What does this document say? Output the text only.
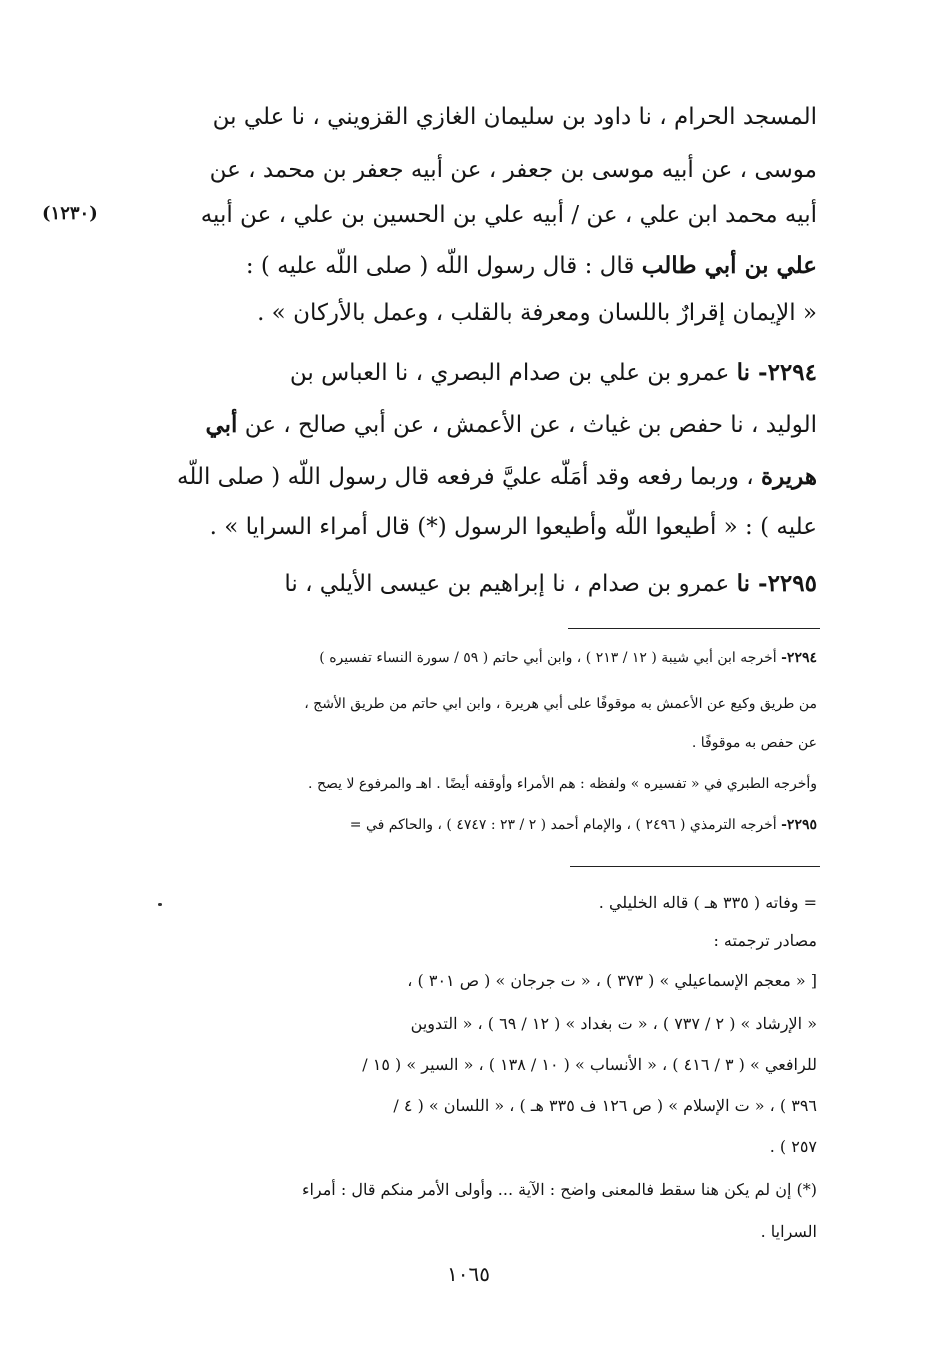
(١٢٣٠)
المسجد الحرام ، نا داود بن سليمان الغازي القزويني ، نا علي بن
موسى ، عن أبيه موسى بن جعفر ، عن أبيه جعفر بن محمد ، عن
أبيه محمد ابن علي ، عن / أبيه علي بن الحسين بن علي ، عن أبيه
علي بن أبي طالب قال : قال رسول اللّه ( صلى اللّه عليه ) :
« الإيمان إقرارٌ باللسان ومعرفة بالقلب ، وعمل بالأركان » .
٢٢٩٤- نا عمرو بن علي بن صدام البصري ، نا العباس بن
الوليد ، نا حفص بن غياث ، عن الأعمش ، عن أبي صالح ، عن أبي
هريرة ، وربما رفعه وقد أمَلّه عليَّ فرفعه قال رسول اللّه ( صلى اللّه
عليه ) : « أطيعوا اللّه وأطيعوا الرسول (*) قال أمراء السرايا » .
٢٢٩٥- نا عمرو بن صدام ، نا إبراهيم بن عيسى الأيلي ، نا
٢٢٩٤- أخرجه ابن أبي شيبة ( ١٢ / ٢١٣ ) ، وابن أبي حاتم ( ٥٩ / سورة النساء تفسيره )
من طريق وكيع عن الأعمش به موقوفًا على أبي هريرة ، وابن ابي حاتم من طريق الأشج ،
عن حفص به موقوفًا .
وأخرجه الطبري في « تفسيره » ولفظه : هم الأمراء وأوقفه أيضًا . اهـ والمرفوع لا يصح .
٢٢٩٥- أخرجه الترمذي ( ٢٤٩٦ ) ، والإمام أحمد ( ٢ / ٢٣ : ٤٧٤٧ ) ، والحاكم في =
= وفاته ( ٣٣٥ هـ ) قاله الخليلي .
مصادر ترجمته :
[ « معجم الإسماعيلي » ( ٣٧٣ ) ، « ت جرجان » ( ص ٣٠١ ) ،
« الإرشاد » ( ٢ / ٧٣٧ ) ، « ت بغداد » ( ١٢ / ٦٩ ) ، « التدوين
للرافعي » ( ٣ / ٤١٦ ) ، « الأنساب » ( ١٠ / ١٣٨ ) ، « السير » ( ١٥ /
٣٩٦ ) ، « ت الإسلام » ( ص ١٢٦ ف ٣٣٥ هـ ) ، « اللسان » ( ٤ /
٢٥٧ ) .
(*) إن لم يكن هنا سقط فالمعنى واضح : الآية ... وأولى الأمر منكم قال : أمراء
السرايا .
١٠٦٥
